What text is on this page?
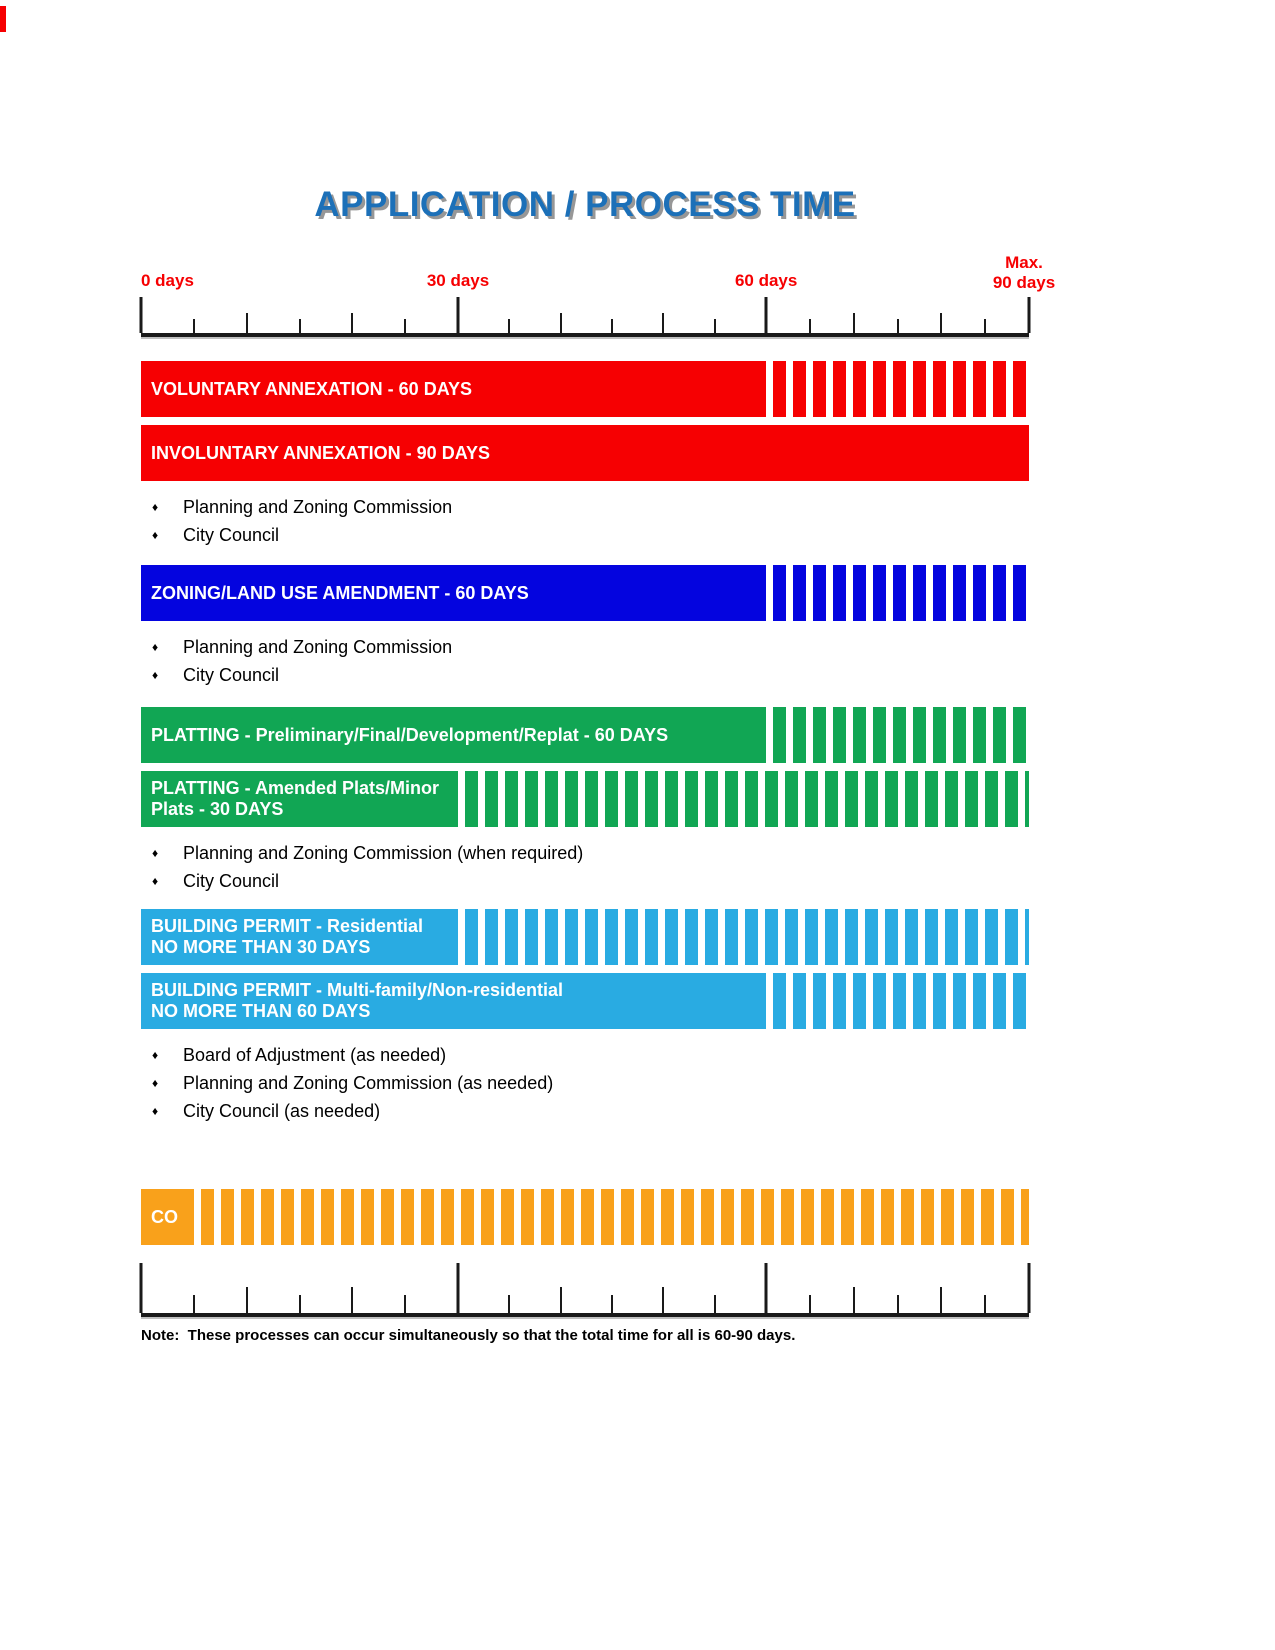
APPLICATION / PROCESS TIME
0 days	30 days	60 days
Max.
90 days
VOLUNTARY ANNEXATION - 60 DAYS
INVOLUNTARY ANNEXATION - 90 DAYS
♦	Planning and Zoning Commission
♦	City Council
ZONING/LAND USE AMENDMENT - 60 DAYS
♦	Planning and Zoning Commission
♦	City Council
PLATTING - Preliminary/Final/Development/Replat - 60 DAYS
PLATTING - Amended Plats/Minor
Plats - 30 DAYS
♦	Planning and Zoning Commission (when required)
♦	City Council
BUILDING PERMIT - Residential
NO MORE THAN 30 DAYS
BUILDING PERMIT - Multi-family/Non-residential
NO MORE THAN 60 DAYS
♦	Board of Adjustment (as needed)
♦	Planning and Zoning Commission (as needed)
♦	City Council (as needed)
CO
Note:  These processes can occur simultaneously so that the total time for all is 60-90 days.
